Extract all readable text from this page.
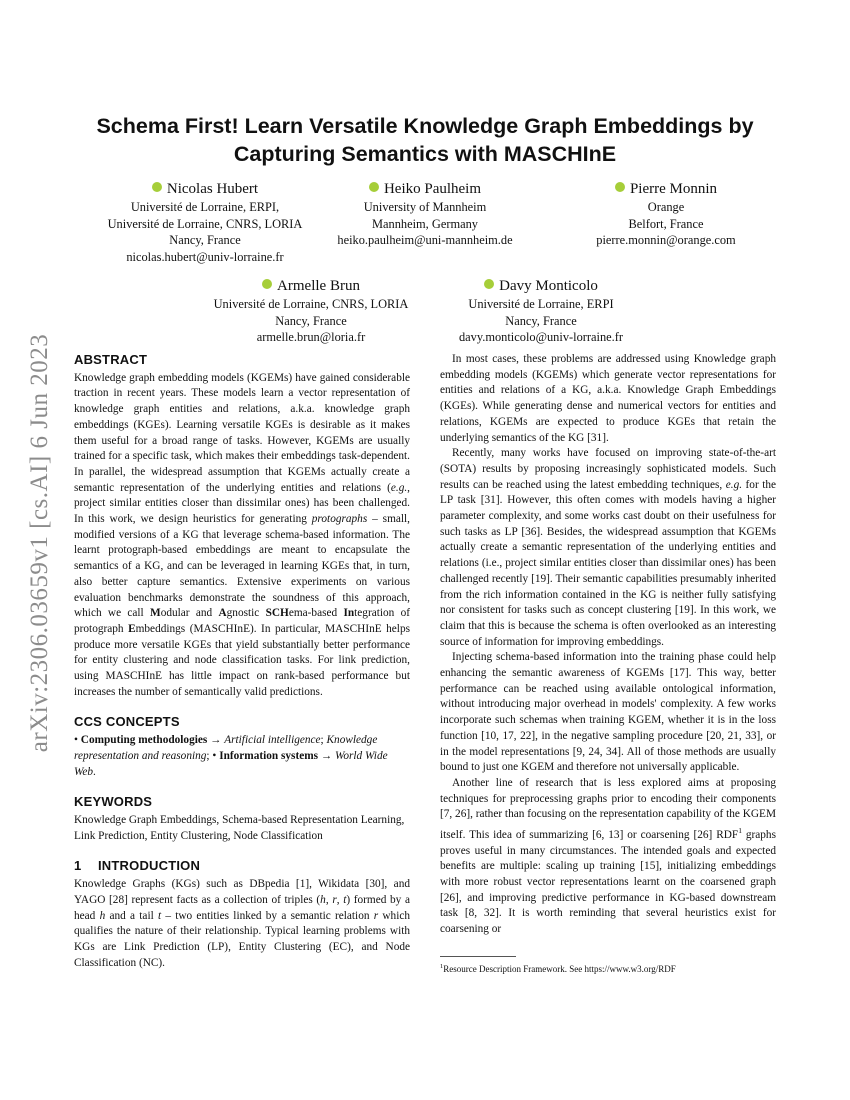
arXiv:2306.03659v1 [cs.AI] 6 Jun 2023
Schema First! Learn Versatile Knowledge Graph Embeddings by
Capturing Semantics with MASCHInE
Nicolas Hubert
Université de Lorraine, ERPI,
Université de Lorraine, CNRS, LORIA
Nancy, France
nicolas.hubert@univ-lorraine.fr
Heiko Paulheim
University of Mannheim
Mannheim, Germany
heiko.paulheim@uni-mannheim.de
Pierre Monnin
Orange
Belfort, France
pierre.monnin@orange.com
Armelle Brun
Université de Lorraine, CNRS, LORIA
Nancy, France
armelle.brun@loria.fr
Davy Monticolo
Université de Lorraine, ERPI
Nancy, France
davy.monticolo@univ-lorraine.fr
ABSTRACT

Knowledge graph embedding models (KGEMs) have gained considerable traction in recent years. These models learn a vector representation of knowledge graph entities and relations, a.k.a. knowledge graph embeddings (KGEs). Learning versatile KGEs is desirable as it makes them useful for a broad range of tasks. However, KGEMs are usually trained for a specific task, which makes their embeddings task-dependent. In parallel, the widespread assumption that KGEMs actually create a semantic representation of the underlying entities and relations (e.g., project similar entities closer than dissimilar ones) has been challenged. In this work, we design heuristics for generating protographs – small, modified versions of a KG that leverage schema-based information. The learnt protograph-based embeddings are meant to encapsulate the semantics of a KG, and can be leveraged in learning KGEs that, in turn, also better capture semantics. Extensive experiments on various evaluation benchmarks demonstrate the soundness of this approach, which we call Modular and Agnostic SCHema-based Integration of protograph Embeddings (MASCHInE). In particular, MASCHInE helps produce more versatile KGEs that yield substantially better performance for entity clustering and node classification tasks. For link prediction, using MASCHInE has little impact on rank-based performance but increases the number of semantically valid predictions.

CCS CONCEPTS

• Computing methodologies → Artificial intelligence; Knowledge representation and reasoning; • Information systems → World Wide Web.

KEYWORDS

Knowledge Graph Embeddings, Schema-based Representation Learning, Link Prediction, Entity Clustering, Node Classification

1 INTRODUCTION

Knowledge Graphs (KGs) such as DBpedia [1], Wikidata [30], and YAGO [28] represent facts as a collection of triples (h, r, t) formed by a head h and a tail t – two entities linked by a semantic relation r which qualifies the nature of their relationship. Typical learning problems with KGs are Link Prediction (LP), Entity Clustering (EC), and Node Classification (NC).

In most cases, these problems are addressed using Knowledge graph embedding models (KGEMs) which generate vector representations for entities and relations of a KG, a.k.a. Knowledge Graph Embeddings (KGEs). While generating dense and numerical vectors for entities and relations, KGEMs are expected to produce KGEs that retain the underlying semantics of the KG [31].

Recently, many works have focused on improving state-of-the-art (SOTA) results by proposing increasingly sophisticated models. Such results can be reached using the latest embedding techniques, e.g. for the LP task [31]. However, this often comes with models having a higher parameter complexity, and some works cast doubt on their usefulness for such tasks as LP [36]. Besides, the widespread assumption that KGEMs actually create a semantic representation of the underlying entities and relations (i.e., project similar entities closer than dissimilar ones) has been challenged recently [19]. Their semantic capabilities presumably inherited from the rich information contained in the KG is neither fully satisfying nor consistent for tasks such as concept clustering [19]. In this work, we claim that this is because the schema is often overlooked as an interesting source of information for improving embeddings.

Injecting schema-based information into the training phase could help enhancing the semantic awareness of KGEMs [17]. This way, better performance can be reached using available ontological information, without introducing major overhead in models' complexity. A few works incorporate such schemas when training KGEM, whether it is in the loss function [10, 17, 22], in the negative sampling procedure [20, 21, 33], or in the model representations [9, 24, 34]. All of those methods are usually bound to just one KGEM and therefore not universally applicable.

Another line of research that is less explored aims at proposing techniques for preprocessing graphs prior to encoding their components [7, 26], rather than focusing on the representation capability of the KGEM itself. This idea of summarizing [6, 13] or coarsening [26] RDF$^1$ graphs proves useful in many circumstances. The intended goals and expected benefits are multiple: scaling up training [15], initializing embeddings with more robust vector representations learnt on the coarsened graph [26], and improving predictive performance in KG-based downstream task [8, 32]. It is worth reminding that several heuristics exist for coarsening or

$^1$Resource Description Framework. See https://www.w3.org/RDF
